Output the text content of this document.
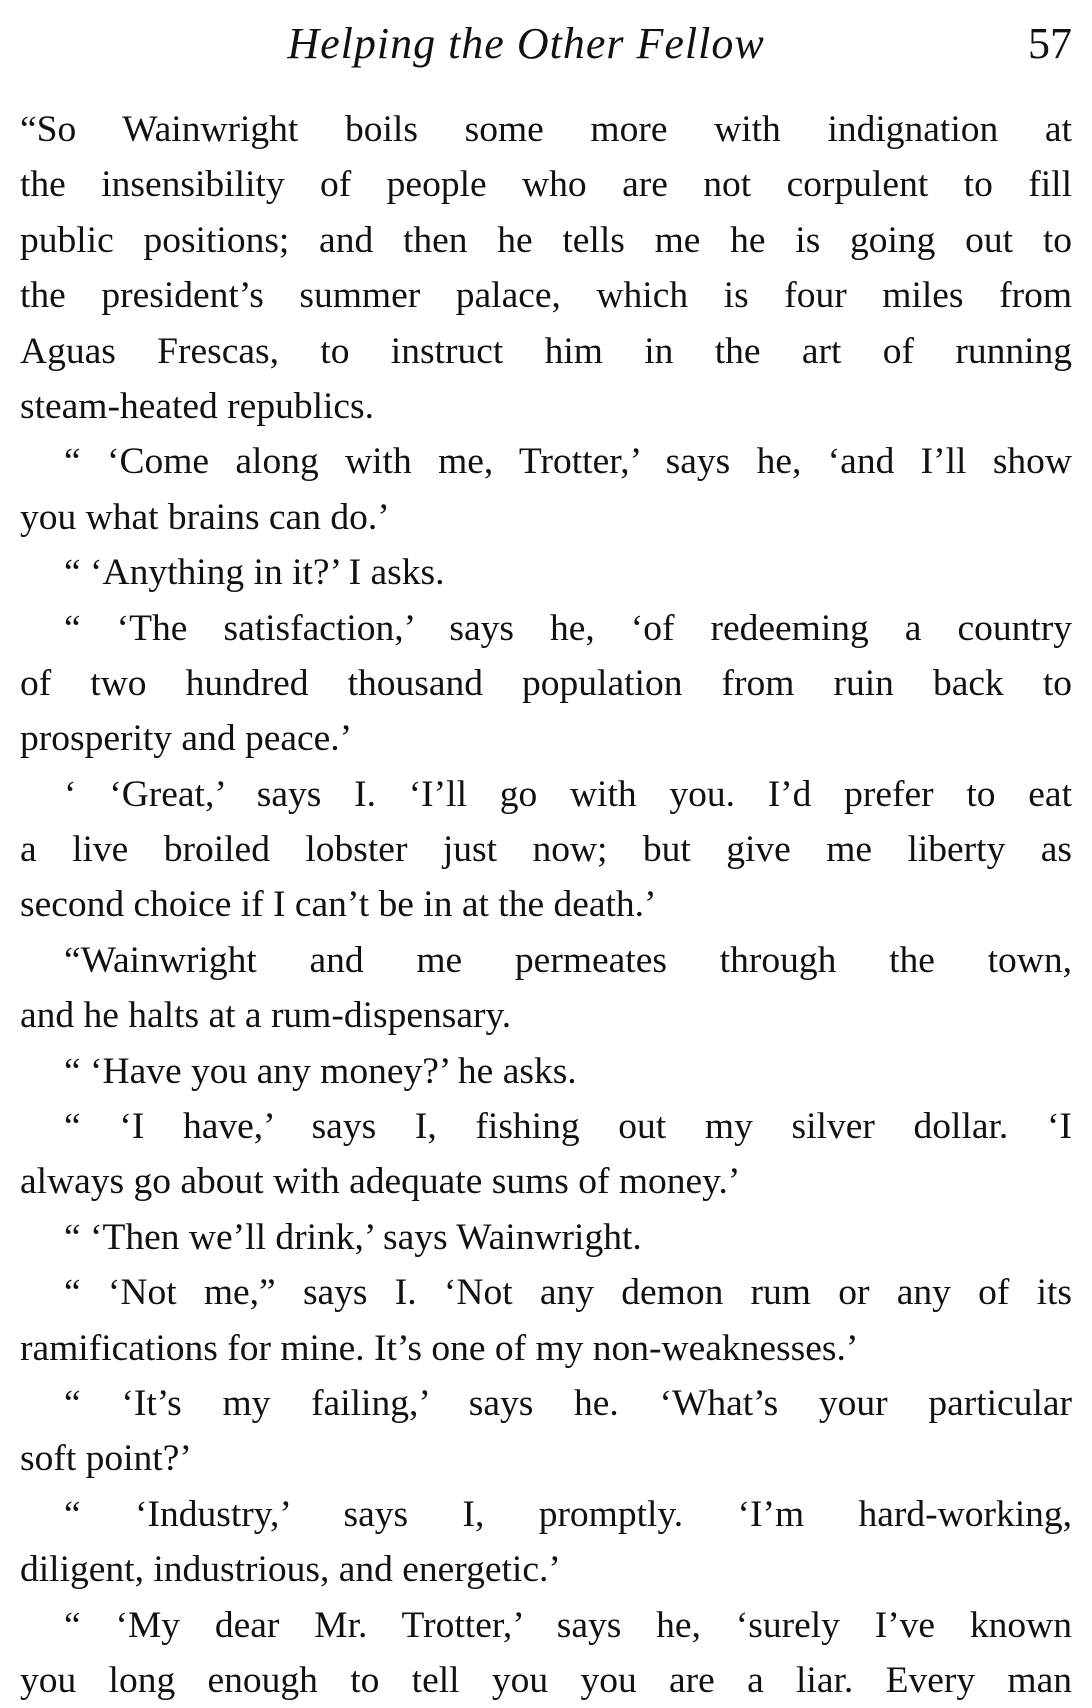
Helping the Other Fellow	57
“So Wainwright boils some more with indignation at
the insensibility of people who are not corpulent to fill
public positions; and then he tells me he is going out to
the president’s summer palace, which is four miles from
Aguas Frescas, to instruct him in the art of running
steam-heated republics.
“ ‘Come along with me, Trotter,’ says he, ‘and I’ll show
you what brains can do.’
“ ‘Anything in it?’ I asks.
“ ‘The satisfaction,’ says he, ‘of redeeming a country
of two hundred thousand population from ruin back to
prosperity and peace.’
‘ ‘Great,’ says I. ‘I’ll go with you. I’d prefer to eat
a live broiled lobster just now; but give me liberty as
second choice if I can’t be in at the death.’
“Wainwright and me permeates through the town,
and he halts at a rum-dispensary.
“ ‘Have you any money?’ he asks.
“ ‘I have,’ says I, fishing out my silver dollar. ‘I
always go about with adequate sums of money.’
“ ‘Then we’ll drink,’ says Wainwright.
“ ‘Not me,” says I. ‘Not any demon rum or any of its
ramifications for mine. It’s one of my non-weaknesses.’
“ ‘It’s my failing,’ says he. ‘What’s your particular
soft point?’
“ ‘Industry,’ says I, promptly. ‘I’m hard-working,
diligent, industrious, and energetic.’
“ ‘My dear Mr. Trotter,’ says he, ‘surely I’ve known
you long enough to tell you you are a liar. Every man
